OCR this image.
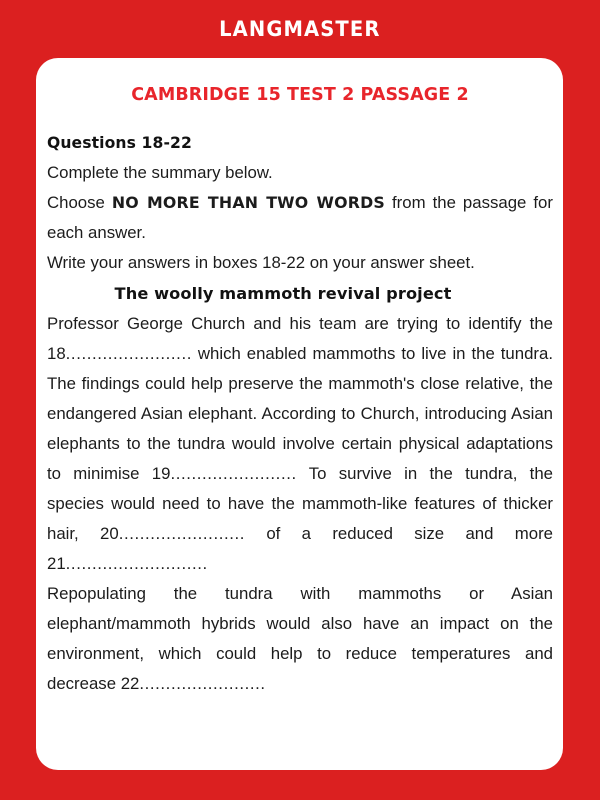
LANGMASTER
CAMBRIDGE 15 TEST 2 PASSAGE 2
Questions 18-22
Complete the summary below.
Choose NO MORE THAN TWO WORDS from the passage for each answer.
Write your answers in boxes 18-22 on your answer sheet.
The woolly mammoth revival project

Professor George Church and his team are trying to identify the 18........................ which enabled mammoths to live in the tundra. The findings could help preserve the mammoth's close relative, the endangered Asian elephant. According to Church, introducing Asian elephants to the tundra would involve certain physical adaptations to minimise 19........................ To survive in the tundra, the species would need to have the mammoth-like features of thicker hair, 20........................ of a reduced size and more 21...........................

Repopulating the tundra with mammoths or Asian elephant/mammoth hybrids would also have an impact on the environment, which could help to reduce temperatures and decrease 22........................
